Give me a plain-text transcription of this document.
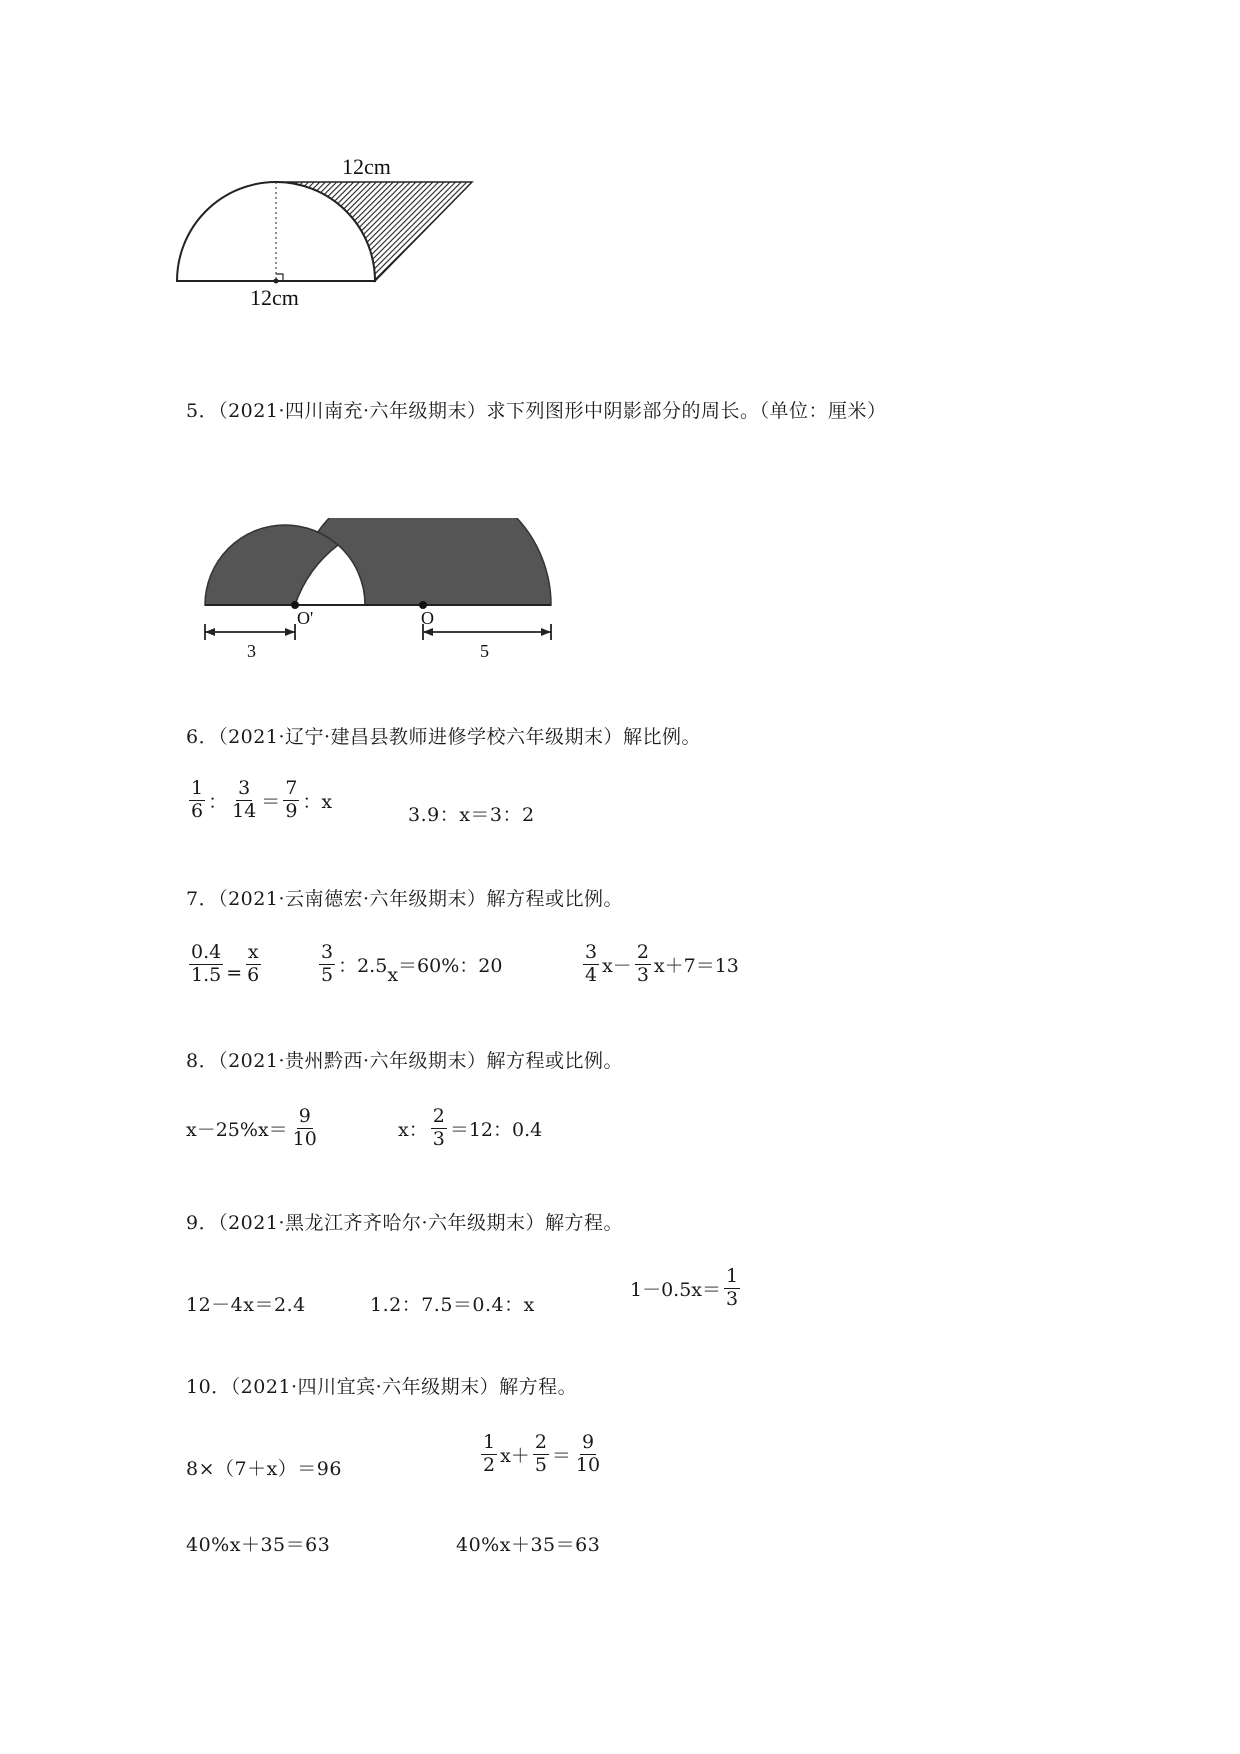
12cm
12cm
5．（2021·四川南充·六年级期末）求下列图形中阴影部分的周长。（单位：厘米）
O'	O
3	5
6．（2021·辽宁·建昌县教师进修学校六年级期末）解比例。
$\frac{1}{6}$ ： $\frac{3}{14} = \frac{7}{9}$ ：x
3.9：x＝3：2
7．（2021·云南德宏·六年级期末）解方程或比例。
$\frac{0.4}{1.5} = \frac{x}{6}$	$\frac{3}{5}$ ：2.5 x ＝60%：20	$\frac{3}{4} x- \frac{2}{3} x+7=13$
8．（2021·贵州黔西·六年级期末）解方程或比例。
$x-25\%x= \frac{9}{10}$	x： $\frac{2}{3} =12$：0.4
9．（2021·黑龙江齐齐哈尔·六年级期末）解方程。
12－4x＝2.4	1.2：7.5＝0.4：x
$1-0.5x= \frac{1}{3}$
10．（2021·四川宜宾·六年级期末）解方程。
8×（7＋x）＝96	$\frac{1}{2} x+ \frac{2}{5} = \frac{9}{10}$
40%x＋35＝63	40%x＋35＝63
